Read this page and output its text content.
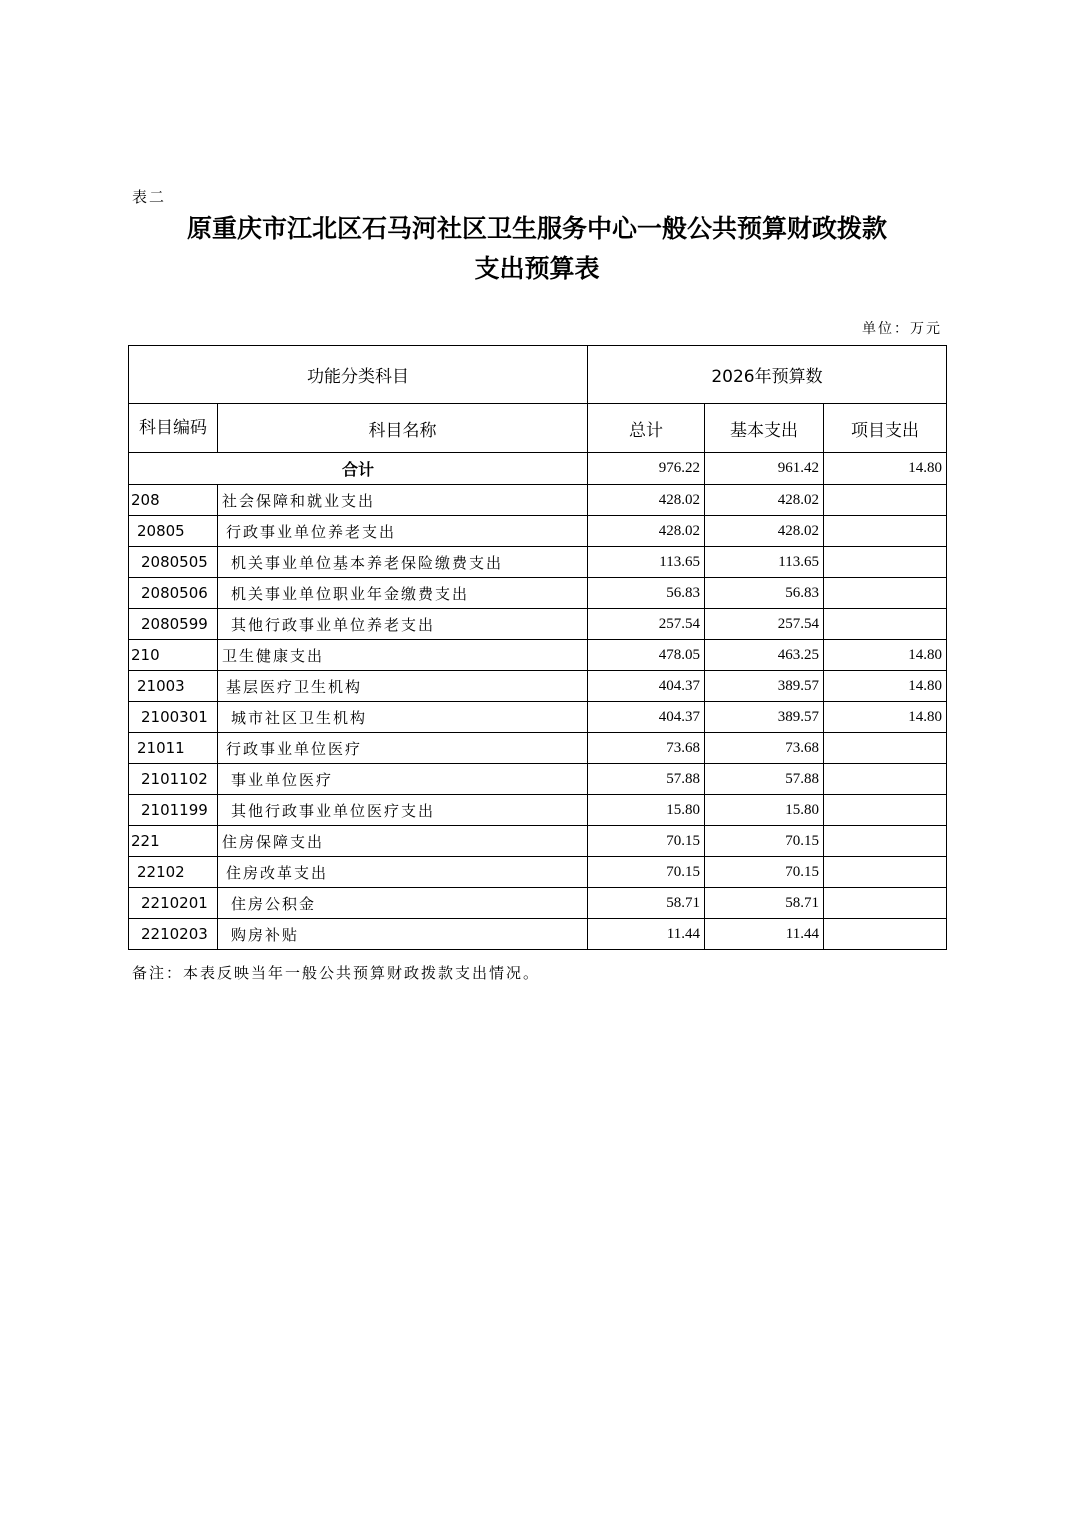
表二
原重庆市江北区石马河社区卫生服务中心一般公共预算财政拨款
支出预算表
单位：万元
功能分类科目		2026年预算数		
科目编码	科目名称	总计	基本支出	项目支出
合计		976.22	961.42	14.80
208	社会保障和就业支出	428.02	428.02	
20805	行政事业单位养老支出	428.02	428.02	
2080505	机关事业单位基本养老保险缴费支出	113.65	113.65	
2080506	机关事业单位职业年金缴费支出	56.83	56.83	
2080599	其他行政事业单位养老支出	257.54	257.54	
210	卫生健康支出	478.05	463.25	14.80
21003	基层医疗卫生机构	404.37	389.57	14.80
2100301	城市社区卫生机构	404.37	389.57	14.80
21011	行政事业单位医疗	73.68	73.68	
2101102	事业单位医疗	57.88	57.88	
2101199	其他行政事业单位医疗支出	15.80	15.80	
221	住房保障支出	70.15	70.15	
22102	住房改革支出	70.15	70.15	
2210201	住房公积金	58.71	58.71	
2210203	购房补贴	11.44	11.44	
备注：本表反映当年一般公共预算财政拨款支出情况。
